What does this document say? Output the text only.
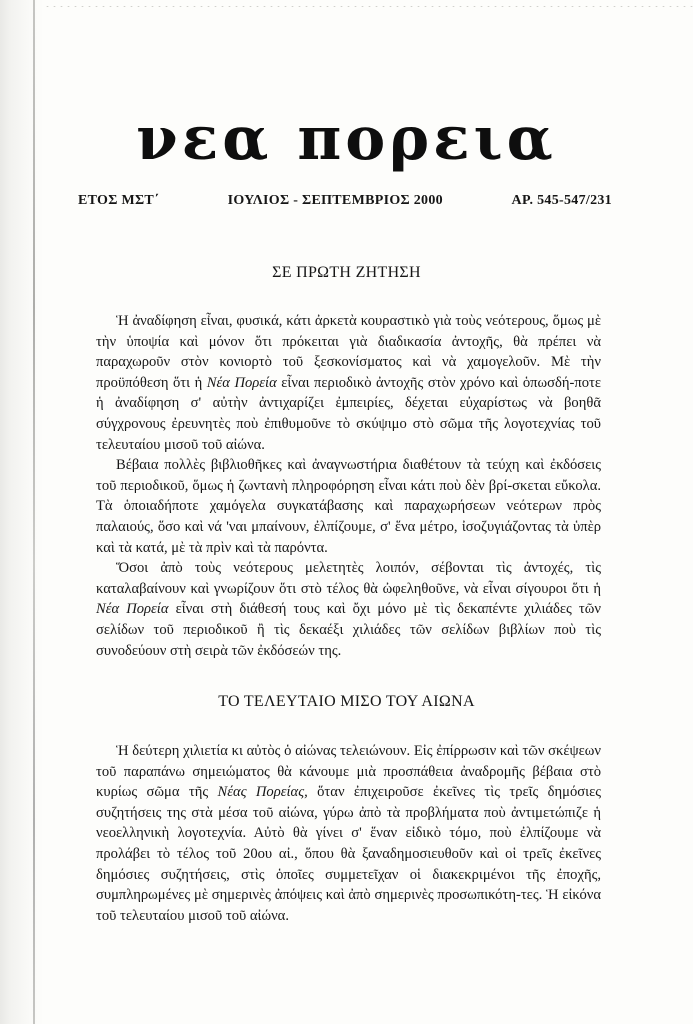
νεα πορεια
ΕΤΟΣ ΜΣΤ΄	ΙΟΥΛΙΟΣ - ΣΕΠΤΕΜΒΡΙΟΣ 2000	ΑΡ. 545-547/231
ΣΕ ΠΡΩΤΗ ΖΗΤΗΣΗ

Ἡ ἀναδίφηση εἶναι, φυσικά, κάτι ἀρκετὰ κουραστικὸ γιὰ τοὺς νεότερους, ὅμως μὲ τὴν ὑποψία καὶ μόνον ὅτι πρόκειται γιὰ διαδικασία ἀντοχῆς, θὰ πρέπει νὰ παραχωροῦν στὸν κονιορτὸ τοῦ ξεσκονίσματος καὶ νὰ χαμογελοῦν. Μὲ τὴν προϋπόθεση ὅτι ἡ Νέα Πορεία εἶναι περιοδικὸ ἀντοχῆς στὸν χρόνο καὶ ὁπωσδή-ποτε ἡ ἀναδίφηση σ' αὐτὴν ἀντιχαρίζει ἐμπειρίες, δέχεται εὐχαρίστως νὰ βοηθᾶ σύγχρονους ἐρευνητὲς ποὺ ἐπιθυμοῦνε τὸ σκύψιμο στὸ σῶμα τῆς λογοτεχνίας τοῦ τελευταίου μισοῦ τοῦ αἰώνα.

Βέβαια πολλὲς βιβλιοθῆκες καὶ ἀναγνωστήρια διαθέτουν τὰ τεύχη καὶ ἐκδόσεις τοῦ περιοδικοῦ, ὅμως ἡ ζωντανὴ πληροφόρηση εἶναι κάτι ποὺ δὲν βρί-σκεται εὔκολα. Τὰ ὁποιαδήποτε χαμόγελα συγκατάβασης καὶ παραχωρήσεων νεότερων πρὸς παλαιούς, ὅσο καὶ νά 'ναι μπαίνουν, ἐλπίζουμε, σ' ἕνα μέτρο, ἰσοζυγιάζοντας τὰ ὑπὲρ καὶ τὰ κατά, μὲ τὰ πρὶν καὶ τὰ παρόντα.

Ὅσοι ἀπὸ τοὺς νεότερους μελετητὲς λοιπόν, σέβονται τὶς ἀντοχές, τὶς καταλαβαίνουν καὶ γνωρίζουν ὅτι στὸ τέλος θὰ ὠφεληθοῦνε, νὰ εἶναι σίγουροι ὅτι ἡ Νέα Πορεία εἶναι στὴ διάθεσή τους καὶ ὄχι μόνο μὲ τὶς δεκαπέντε χιλιάδες τῶν σελίδων τοῦ περιοδικοῦ ἢ τὶς δεκαέξι χιλιάδες τῶν σελίδων βιβλίων ποὺ τὶς συνοδεύουν στὴ σειρὰ τῶν ἐκδόσεών της.

ΤΟ ΤΕΛΕΥΤΑΙΟ ΜΙΣΟ ΤΟΥ ΑΙΩΝΑ

Ἡ δεύτερη χιλιετία κι αὐτὸς ὁ αἰώνας τελειώνουν. Εἰς ἐπίρρωσιν καὶ τῶν σκέψεων τοῦ παραπάνω σημειώματος θὰ κάνουμε μιὰ προσπάθεια ἀναδρομῆς βέβαια στὸ κυρίως σῶμα τῆς Νέας Πορείας, ὅταν ἐπιχειροῦσε ἐκεῖνες τὶς τρεῖς δημόσιες συζητήσεις της στὰ μέσα τοῦ αἰώνα, γύρω ἀπὸ τὰ προβλήματα ποὺ ἀντιμετώπιζε ἡ νεοελληνικὴ λογοτεχνία. Αὐτὸ θὰ γίνει σ' ἕναν εἰδικὸ τόμο, ποὺ ἐλπίζουμε νὰ προλάβει τὸ τέλος τοῦ 20ου αἰ., ὅπου θὰ ξαναδημοσιευθοῦν καὶ οἱ τρεῖς ἐκεῖνες δημόσιες συζητήσεις, στὶς ὁποῖες συμμετεῖχαν οἱ διακεκριμένοι τῆς ἐποχῆς, συμπληρωμένες μὲ σημερινὲς ἀπόψεις καὶ ἀπὸ σημερινὲς προσωπικότη-τες. Ἡ εἰκόνα τοῦ τελευταίου μισοῦ τοῦ αἰώνα.
